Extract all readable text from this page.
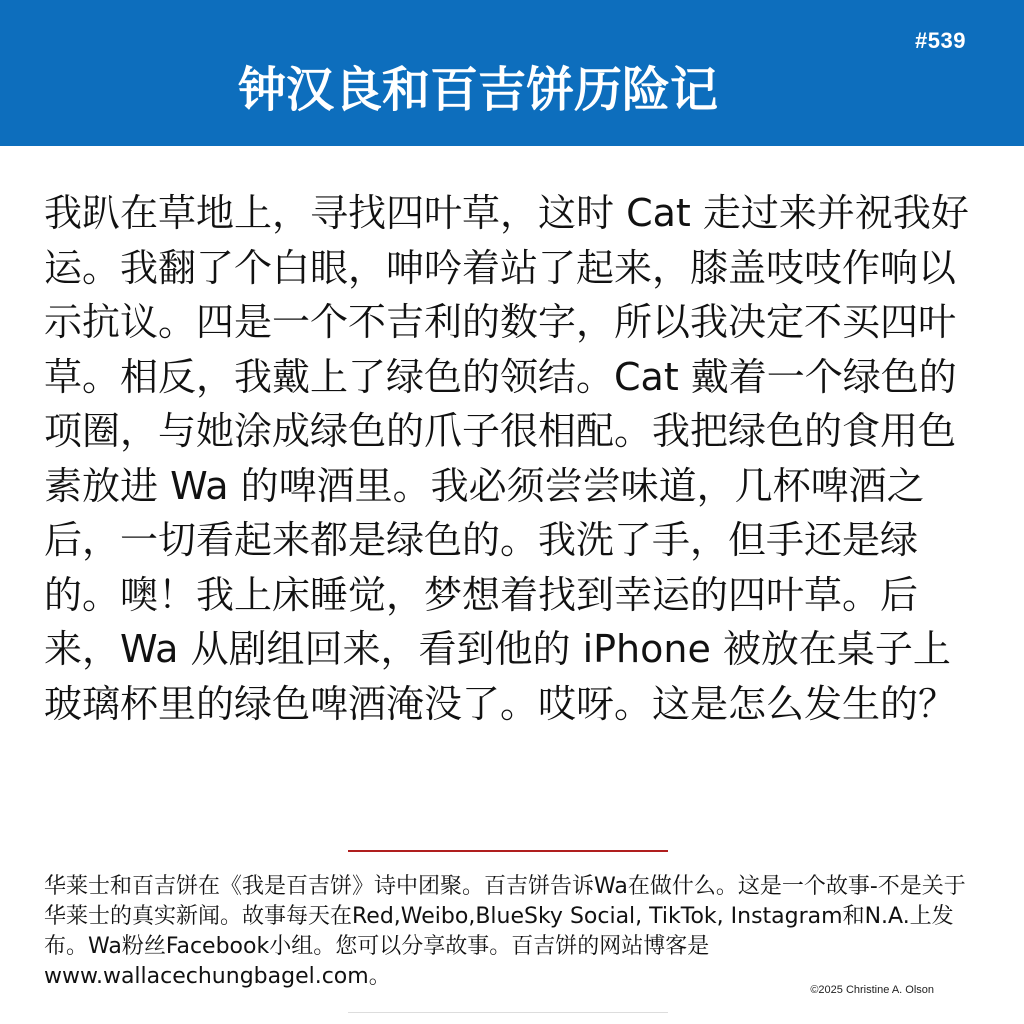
#539
钟汉良和百吉饼历险记

我趴在草地上，寻找四叶草，这时 Cat 走过来并祝我好运。我翻了个白眼，呻吟着站了起来，膝盖吱吱作响以示抗议。四是一个不吉利的数字，所以我决定不买四叶草。相反，我戴上了绿色的领结。Cat 戴着一个绿色的项圈，与她涂成绿色的爪子很相配。我把绿色的食用色素放进 Wa 的啤酒里。我必须尝尝味道，几杯啤酒之后，一切看起来都是绿色的。我洗了手，但手还是绿的。噢！我上床睡觉，梦想着找到幸运的四叶草。后来，Wa 从剧组回来，看到他的 iPhone 被放在桌子上玻璃杯里的绿色啤酒淹没了。哎呀。这是怎么发生的？

华莱士和百吉饼在《我是百吉饼》诗中团聚。百吉饼告诉Wa在做什么。这是一个故事-不是关于华莱士的真实新闻。故事每天在Red,Weibo,BlueSky Social, TikTok, Instagram和N.A.上发布。Wa粉丝Facebook小组。您可以分享故事。百吉饼的网站博客是www.wallacechungbagel.com。

©2025 Christine A. Olson
